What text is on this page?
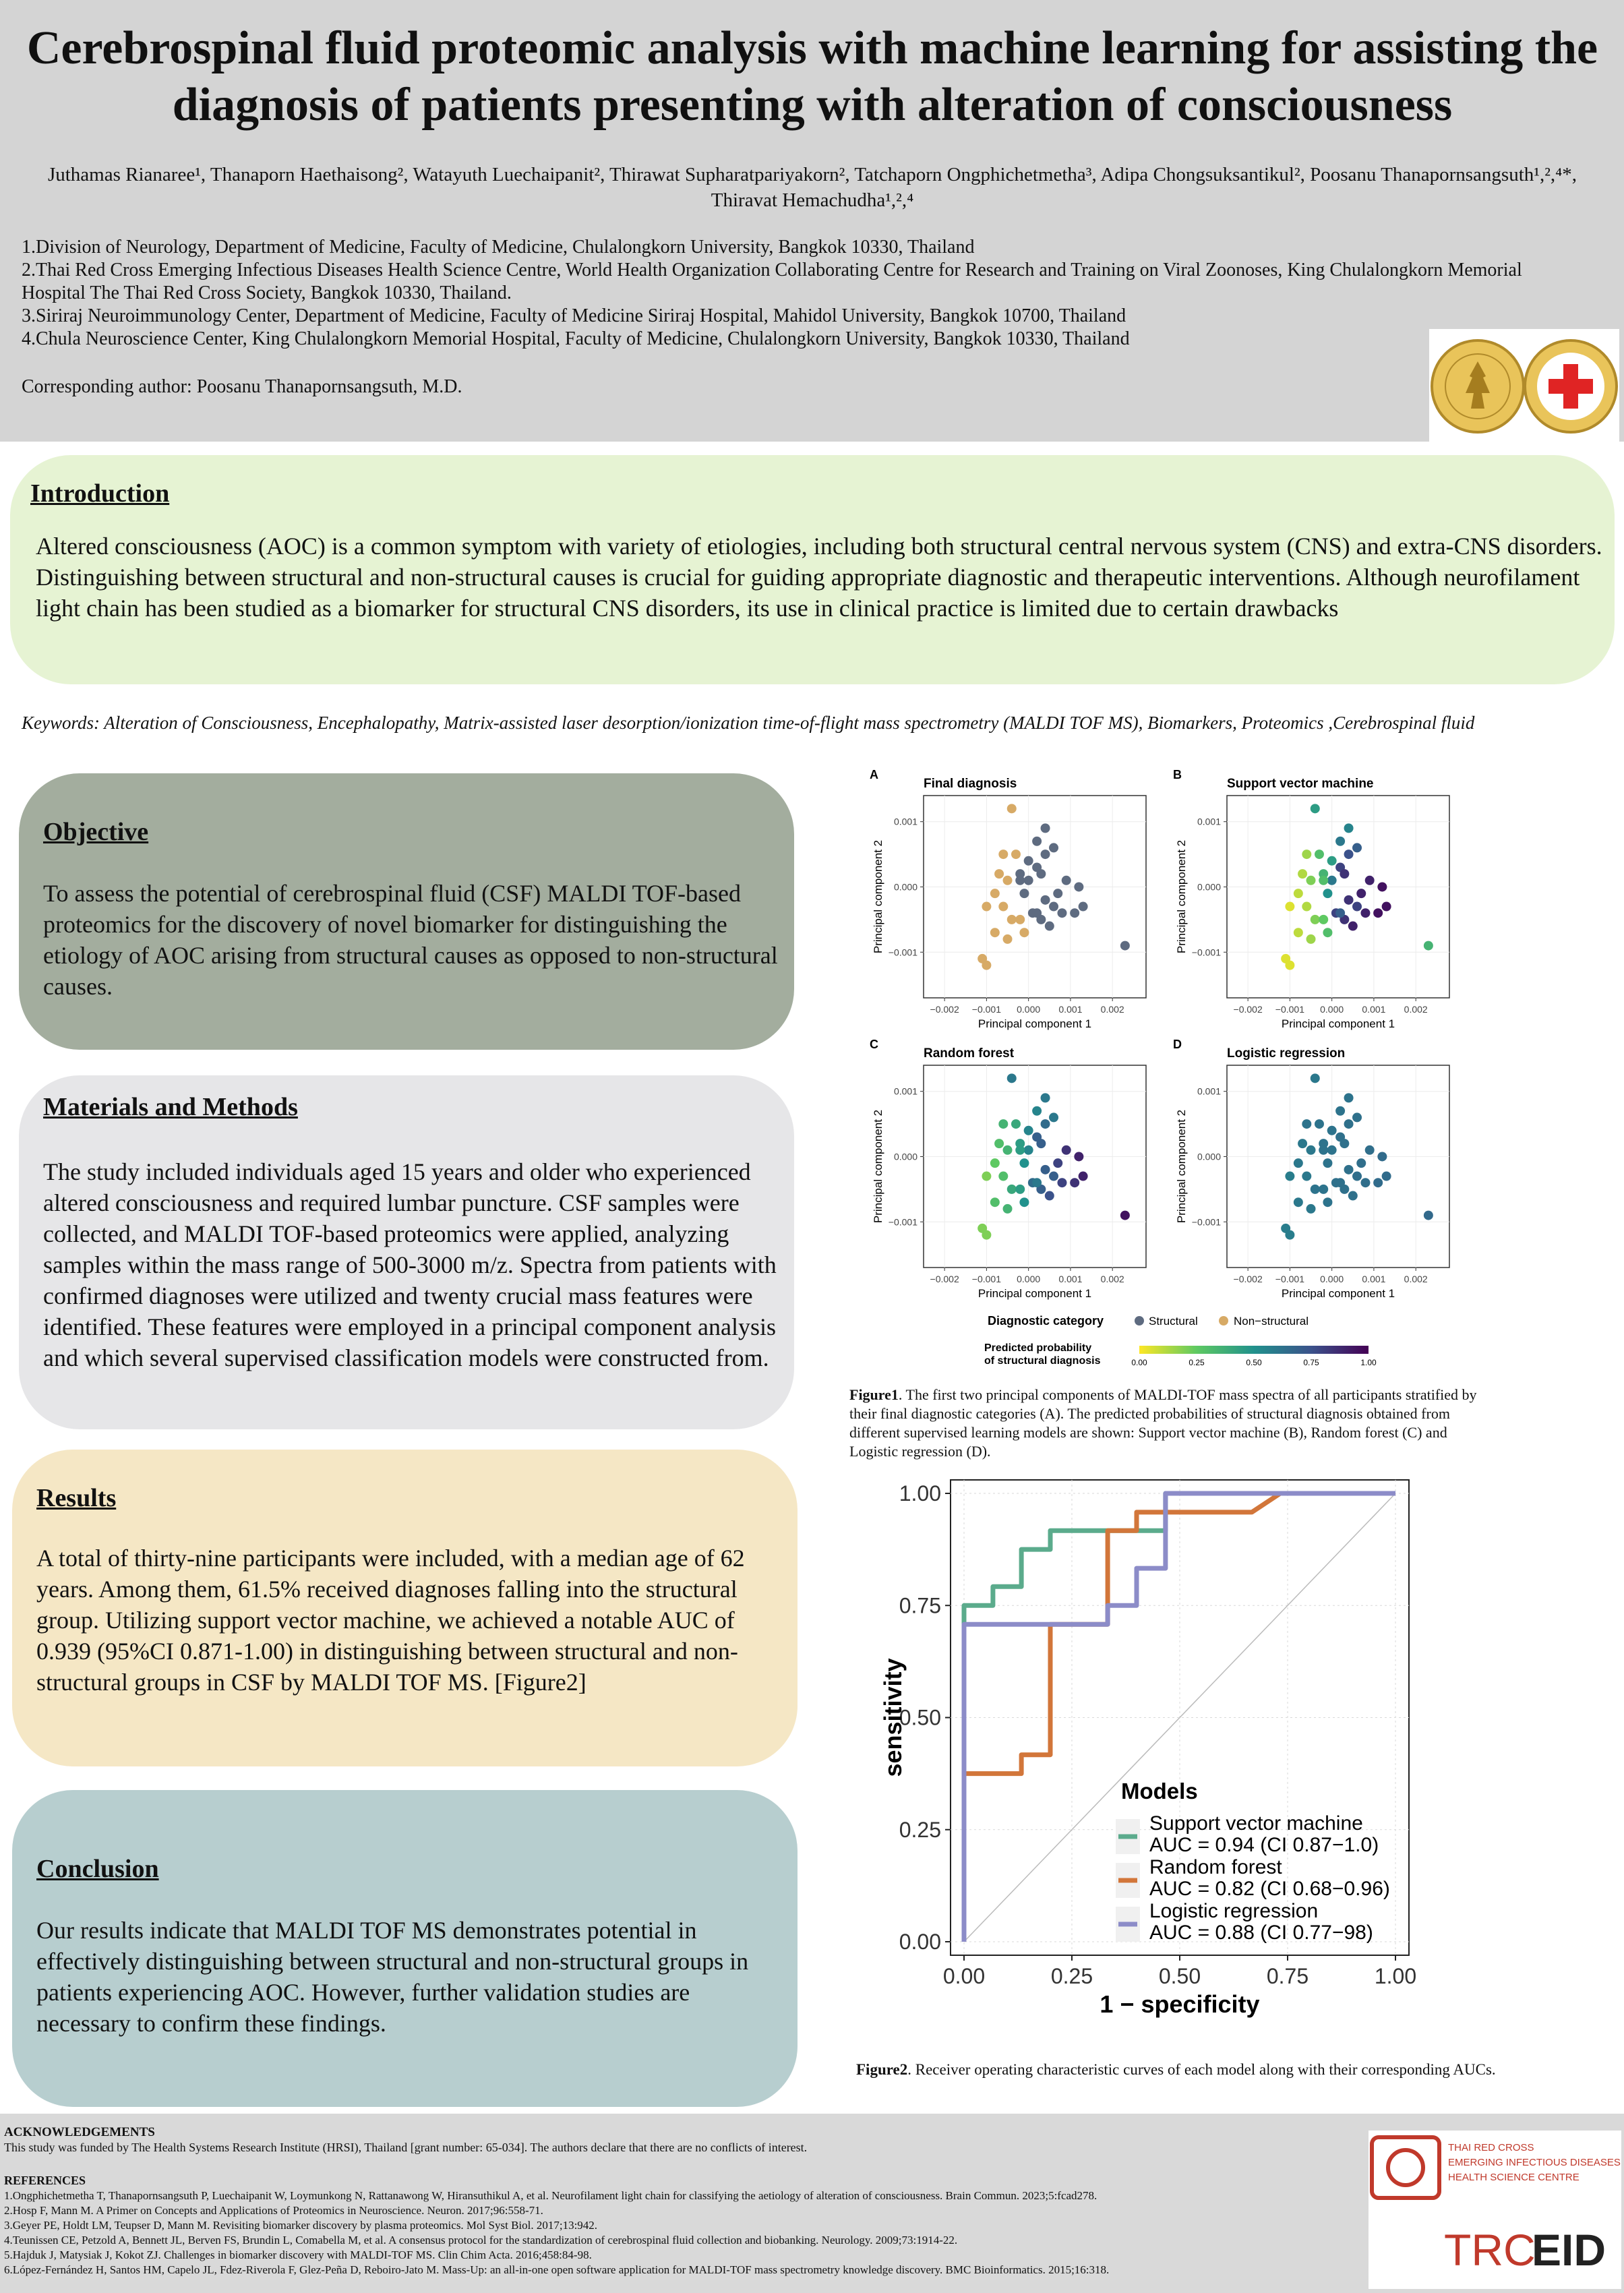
Cerebrospinal fluid proteomic analysis with machine learning for assisting the
diagnosis of patients presenting with alteration of consciousness
Juthamas Rianaree¹, Thanaporn Haethaisong², Watayuth Luechaipanit², Thirawat Supharatpariyakorn², Tatchaporn Ongphichetmetha³, Adipa Chongsuksantikul², Poosanu Thanapornsangsuth¹,²,⁴*,
Thiravat Hemachudha¹,²,⁴
1.Division of Neurology, Department of Medicine, Faculty of Medicine, Chulalongkorn University, Bangkok 10330, Thailand
2.Thai Red Cross Emerging Infectious Diseases Health Science Centre, World Health Organization Collaborating Centre for Research and Training on Viral Zoonoses, King Chulalongkorn Memorial Hospital The Thai Red Cross Society, Bangkok 10330, Thailand.
3.Siriraj Neuroimmunology Center, Department of Medicine, Faculty of Medicine Siriraj Hospital, Mahidol University, Bangkok 10700, Thailand
4.Chula Neuroscience Center, King Chulalongkorn Memorial Hospital, Faculty of Medicine, Chulalongkorn University, Bangkok 10330, Thailand
Corresponding author: Poosanu Thanapornsangsuth, M.D.
Introduction
Altered consciousness (AOC) is a common symptom with variety of etiologies, including both structural central nervous system (CNS) and extra-CNS disorders. Distinguishing between structural and non-structural causes is crucial for guiding appropriate diagnostic and therapeutic interventions. Although neurofilament light chain has been studied as a biomarker for structural CNS disorders, its use in clinical practice is limited due to certain drawbacks
Keywords: Alteration of Consciousness, Encephalopathy, Matrix-assisted laser desorption/ionization time-of-flight mass spectrometry (MALDI TOF MS), Biomarkers, Proteomics ,Cerebrospinal fluid
Objective
To assess the potential of cerebrospinal fluid (CSF) MALDI TOF-based proteomics for the discovery of novel biomarker for distinguishing the etiology of AOC arising from structural causes as opposed to non-structural causes.
Materials and Methods
The study included individuals aged 15 years and older who experienced altered consciousness and required lumbar puncture. CSF samples were collected, and MALDI TOF-based proteomics were applied, analyzing samples within the mass range of 500-3000 m/z. Spectra from patients with confirmed diagnoses were utilized and twenty crucial mass features were identified. These features were employed in a principal component analysis and which several supervised classification models were constructed from.
Results
A total of thirty-nine participants were included, with a median age of 62 years. Among them, 61.5% received diagnoses falling into the structural group. Utilizing support vector machine, we achieved a notable AUC of 0.939 (95%CI 0.871-1.00) in distinguishing between structural and non-structural groups in CSF by MALDI TOF MS. [Figure2]
Conclusion
Our results indicate that MALDI TOF MS demonstrates potential in effectively distinguishing between structural and non-structural groups in patients experiencing AOC. However, further validation studies are necessary to confirm these findings.
A
Final diagnosis
−0.002 −0.001 0.000 0.001 0.002
0.001
0.000
−0.001
Principal component 1
Principal component 2
B
Support vector machine
−0.002 −0.001 0.000 0.001 0.002
0.001
0.000
−0.001
Principal component 1
Principal component 2
C
Random forest
−0.002 −0.001 0.000 0.001 0.002
0.001
0.000
−0.001
Principal component 1
Principal component 2
D
Logistic regression
−0.002 −0.001 0.000 0.001 0.002
0.001
0.000
−0.001
Principal component 1
Principal component 2
Diagnostic category	Structural	Non−structural
Predicted probability
of structural diagnosis	0.00	0.25	0.50	0.75	1.00
Figure1. The first two principal components of MALDI-TOF mass spectra of all participants stratified by their final diagnostic categories (A). The predicted probabilities of structural diagnosis obtained from different supervised learning models are shown: Support vector machine (B), Random forest (C) and Logistic regression (D).
0.00
0.25
0.50
0.75
1.00
0.00	0.25	0.50	0.75	1.00
1 − specificity
sensitivity
Models
Support vector machine
AUC = 0.94 (CI 0.87−1.0)
Random forest
AUC = 0.82 (CI 0.68−0.96)
Logistic regression
AUC = 0.88 (CI 0.77−98)
Figure2. Receiver operating characteristic curves of each model along with their corresponding AUCs.
ACKNOWLEDGEMENTS
This study was funded by The Health Systems Research Institute (HRSI), Thailand [grant number: 65-034]. The authors declare that there are no conflicts of interest.
REFERENCES
1.Ongphichetmetha T, Thanapornsangsuth P, Luechaipanit W, Loymunkong N, Rattanawong W, Hiransuthikul A, et al. Neurofilament light chain for classifying the aetiology of alteration of consciousness. Brain Commun. 2023;5:fcad278.
2.Hosp F, Mann M. A Primer on Concepts and Applications of Proteomics in Neuroscience. Neuron. 2017;96:558-71.
3.Geyer PE, Holdt LM, Teupser D, Mann M. Revisiting biomarker discovery by plasma proteomics. Mol Syst Biol. 2017;13:942.
4.Teunissen CE, Petzold A, Bennett JL, Berven FS, Brundin L, Comabella M, et al. A consensus protocol for the standardization of cerebrospinal fluid collection and biobanking. Neurology. 2009;73:1914-22.
5.Hajduk J, Matysiak J, Kokot ZJ. Challenges in biomarker discovery with MALDI-TOF MS. Clin Chim Acta. 2016;458:84-98.
6.López-Fernández H, Santos HM, Capelo JL, Fdez-Riverola F, Glez-Peña D, Reboiro-Jato M. Mass-Up: an all-in-one open software application for MALDI-TOF mass spectrometry knowledge discovery. BMC Bioinformatics. 2015;16:318.
THAI RED CROSS
EMERGING INFECTIOUS DISEASES
HEALTH SCIENCE CENTRE
TRC
EID
